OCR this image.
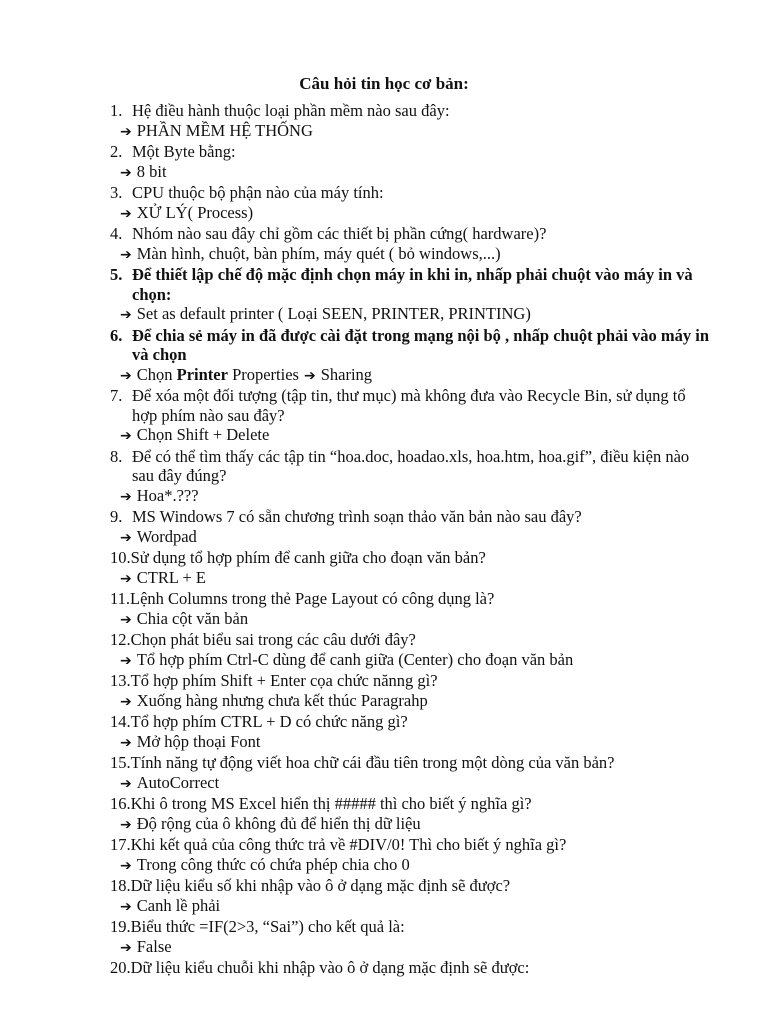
Câu hỏi tin học cơ bản:
1. Hệ điều hành thuộc loại phần mềm nào sau đây:
➔ PHẦN MỀM HỆ THỐNG
2. Một Byte bằng:
➔ 8 bit
3. CPU thuộc bộ phận nào của máy tính:
➔ XỬ LÝ( Process)
4. Nhóm nào sau đây chỉ gồm các thiết bị phần cứng( hardware)?
➔ Màn hình, chuột, bàn phím, máy quét ( bỏ windows,...)
5. Để thiết lập chế độ mặc định chọn máy in khi in, nhấp phải chuột vào máy in và chọn:
➔ Set as default printer ( Loại SEEN, PRINTER, PRINTING)
6. Để chia sẻ máy in đã được cài đặt trong mạng nội bộ , nhấp chuột phải vào máy in và chọn
➔ Chọn Printer Properties ➔ Sharing
7. Để xóa một đối tượng (tập tin, thư mục) mà không đưa vào Recycle Bin, sử dụng tổ hợp phím nào sau đây?
➔ Chọn Shift + Delete
8. Để có thể tìm thấy các tập tin “hoa.doc, hoadao.xls, hoa.htm, hoa.gif”, điều kiện nào sau đây đúng?
➔ Hoa*.???
9. MS Windows 7 có sẵn chương trình soạn thảo văn bản nào sau đây?
➔ Wordpad
10.Sử dụng tổ hợp phím để canh giữa cho đoạn văn bản?
➔ CTRL + E
11.Lệnh Columns trong thẻ Page Layout có công dụng là?
➔ Chia cột văn bản
12.Chọn phát biểu sai trong các câu dưới đây?
➔ Tổ hợp phím Ctrl-C dùng để canh giữa (Center) cho đoạn văn bản
13.Tổ hợp phím Shift + Enter cọa chức nănng gì?
➔ Xuống hàng nhưng chưa kết thúc Paragrahp
14.Tổ hợp phím CTRL + D có chức năng gì?
➔ Mở hộp thoại Font
15.Tính năng tự động viết hoa chữ cái đầu tiên trong một dòng của văn bản?
➔ AutoCorrect
16.Khi ô trong MS Excel hiển thị ##### thì cho biết ý nghĩa gì?
➔ Độ rộng của ô không đủ để hiển thị dữ liệu
17.Khi kết quả của công thức trả về #DIV/0! Thì cho biết ý nghĩa gì?
➔ Trong công thức có chứa phép chia cho 0
18.Dữ liệu kiểu số khi nhập vào ô ở dạng mặc định sẽ được?
➔ Canh lề phải
19.Biểu thức =IF(2>3, “Sai”) cho kết quả là:
➔ False
20.Dữ liệu kiểu chuỗi khi nhập vào ô ở dạng mặc định sẽ được:
